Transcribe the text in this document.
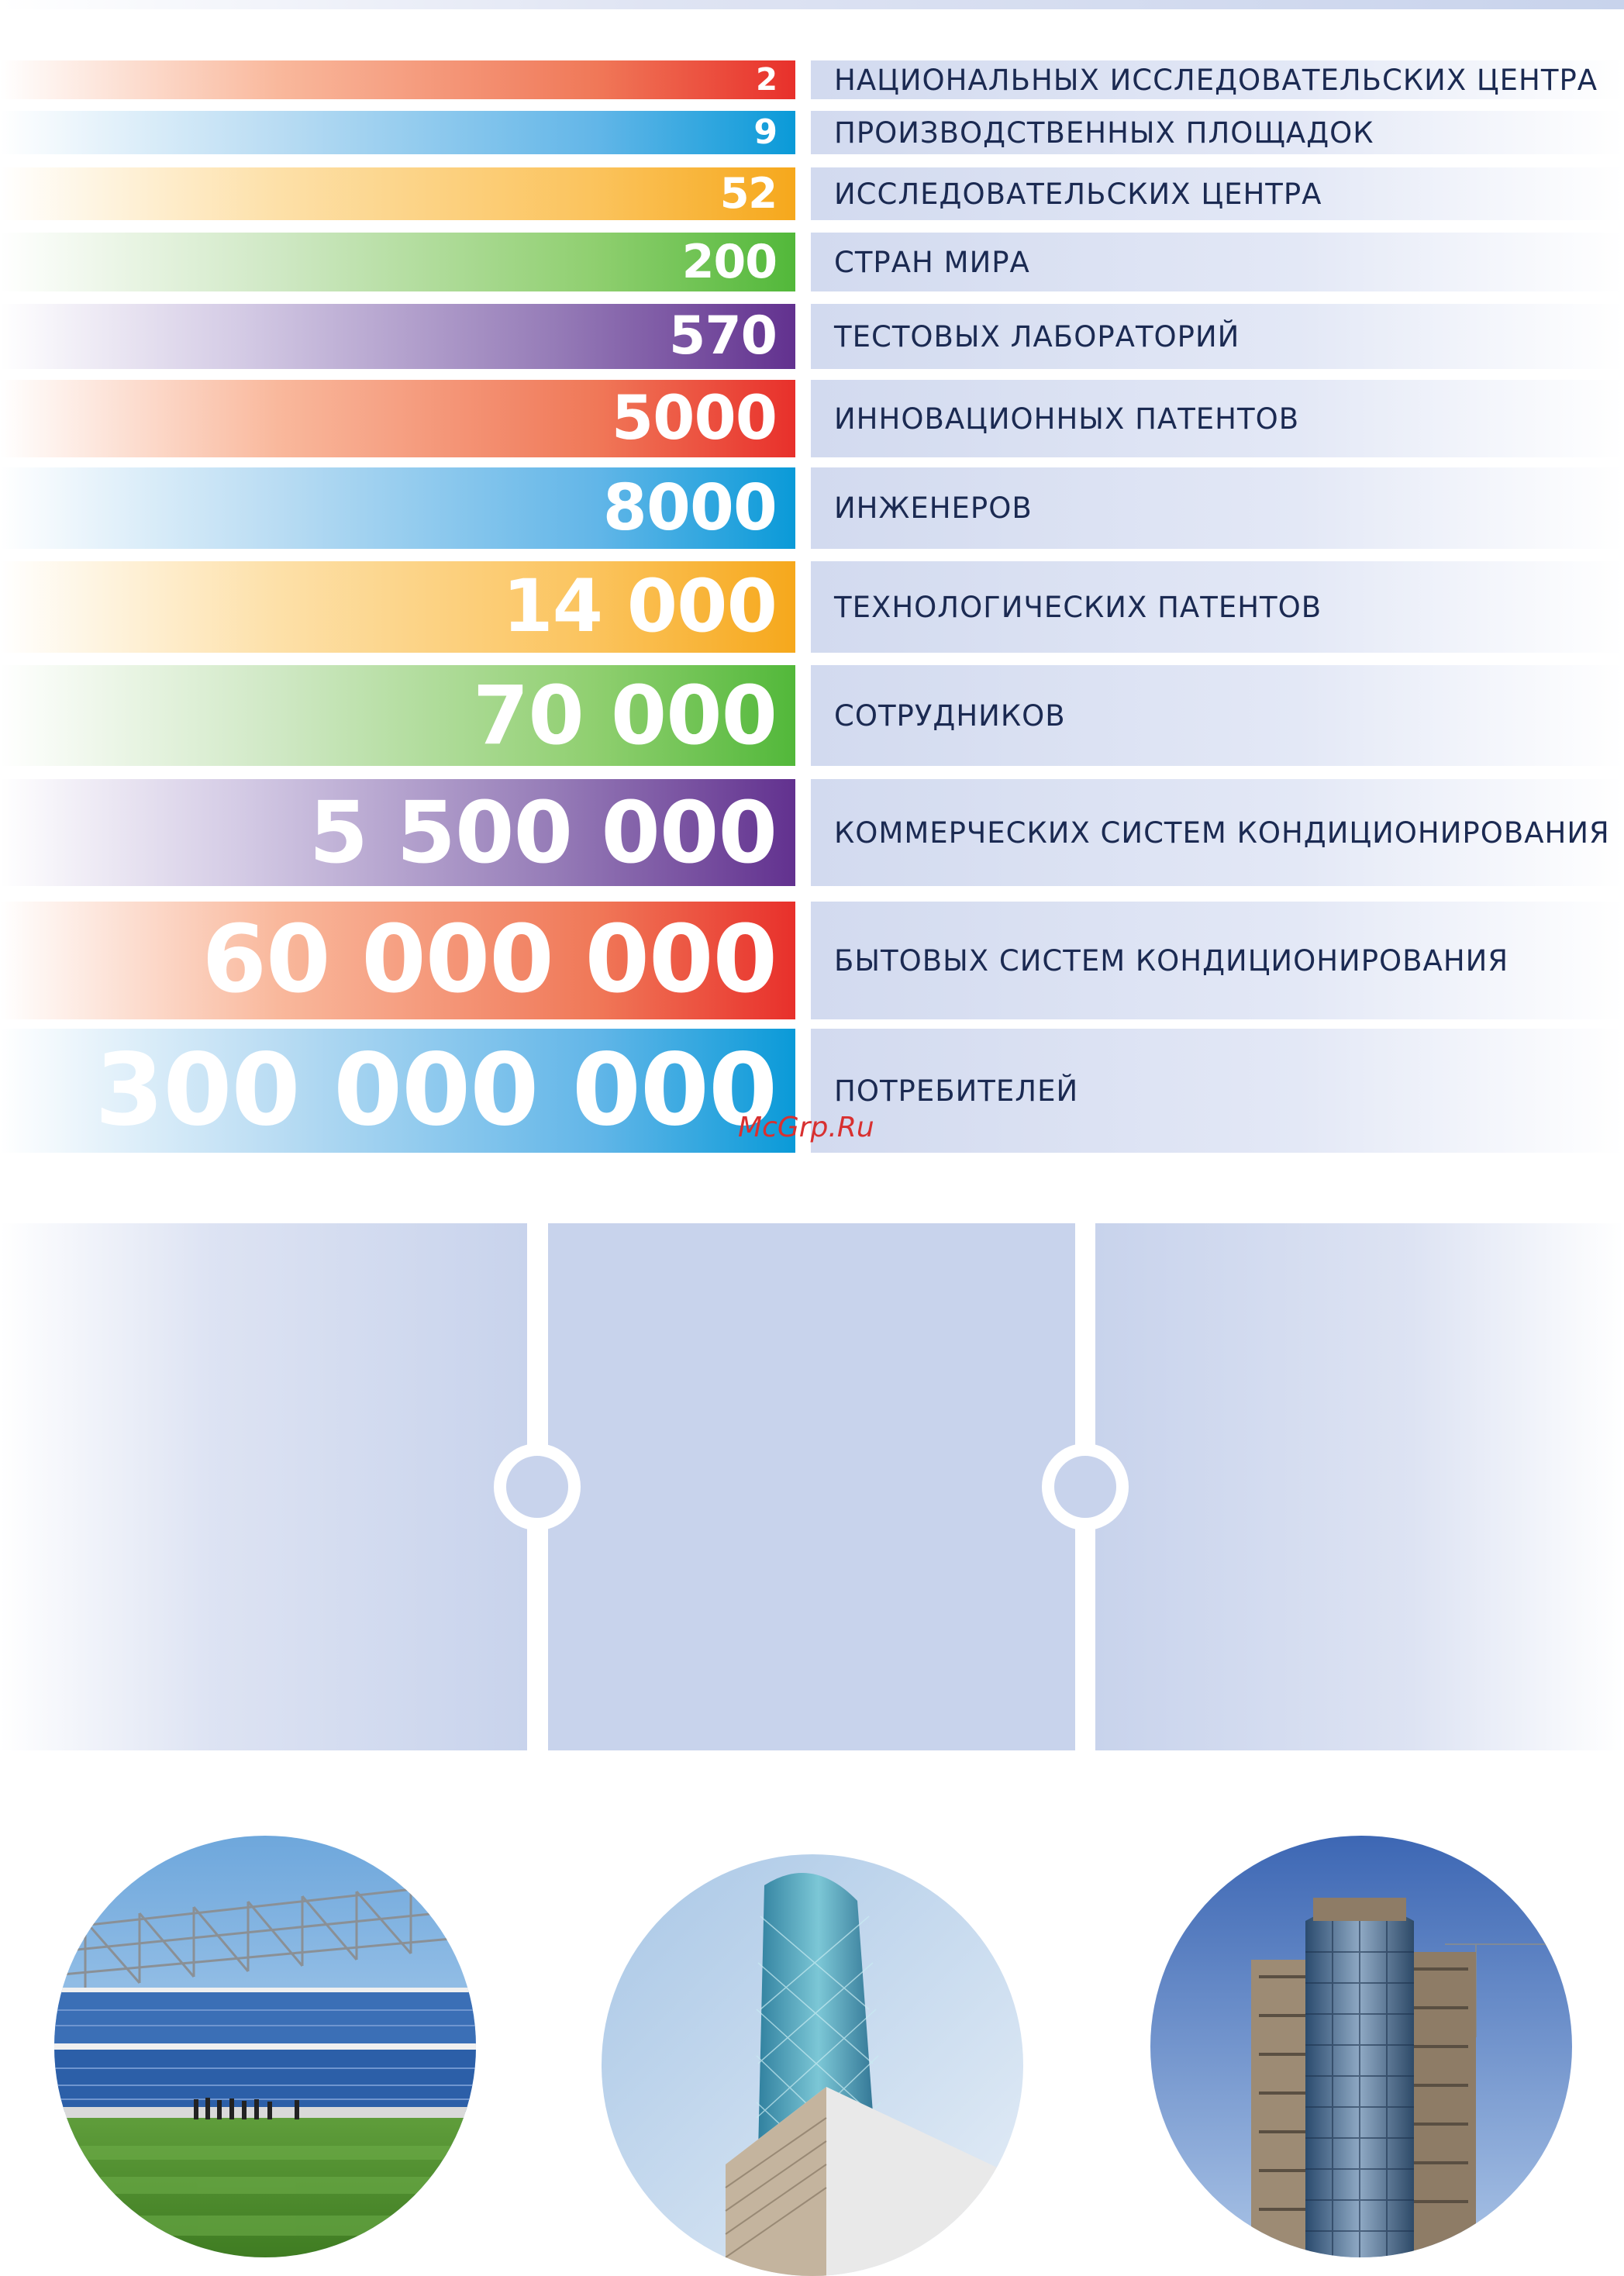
2	НАЦИОНАЛЬНЫХ ИССЛЕДОВАТЕЛЬСКИХ ЦЕНТРА
9	ПРОИЗВОДСТВЕННЫХ ПЛОЩАДОК
52	ИССЛЕДОВАТЕЛЬСКИХ ЦЕНТРА
200	СТРАН МИРА
570	ТЕСТОВЫХ ЛАБОРАТОРИЙ
5000	ИННОВАЦИОННЫХ ПАТЕНТОВ
8000	ИНЖЕНЕРОВ
14 000	ТЕХНОЛОГИЧЕСКИХ ПАТЕНТОВ
70 000	СОТРУДНИКОВ
5 500 000	КОММЕРЧЕСКИХ СИСТЕМ КОНДИЦИОНИРОВАНИЯ
60 000 000	БЫТОВЫХ СИСТЕМ КОНДИЦИОНИРОВАНИЯ
300 000 000	ПОТРЕБИТЕЛЕЙ
McGrp.Ru
